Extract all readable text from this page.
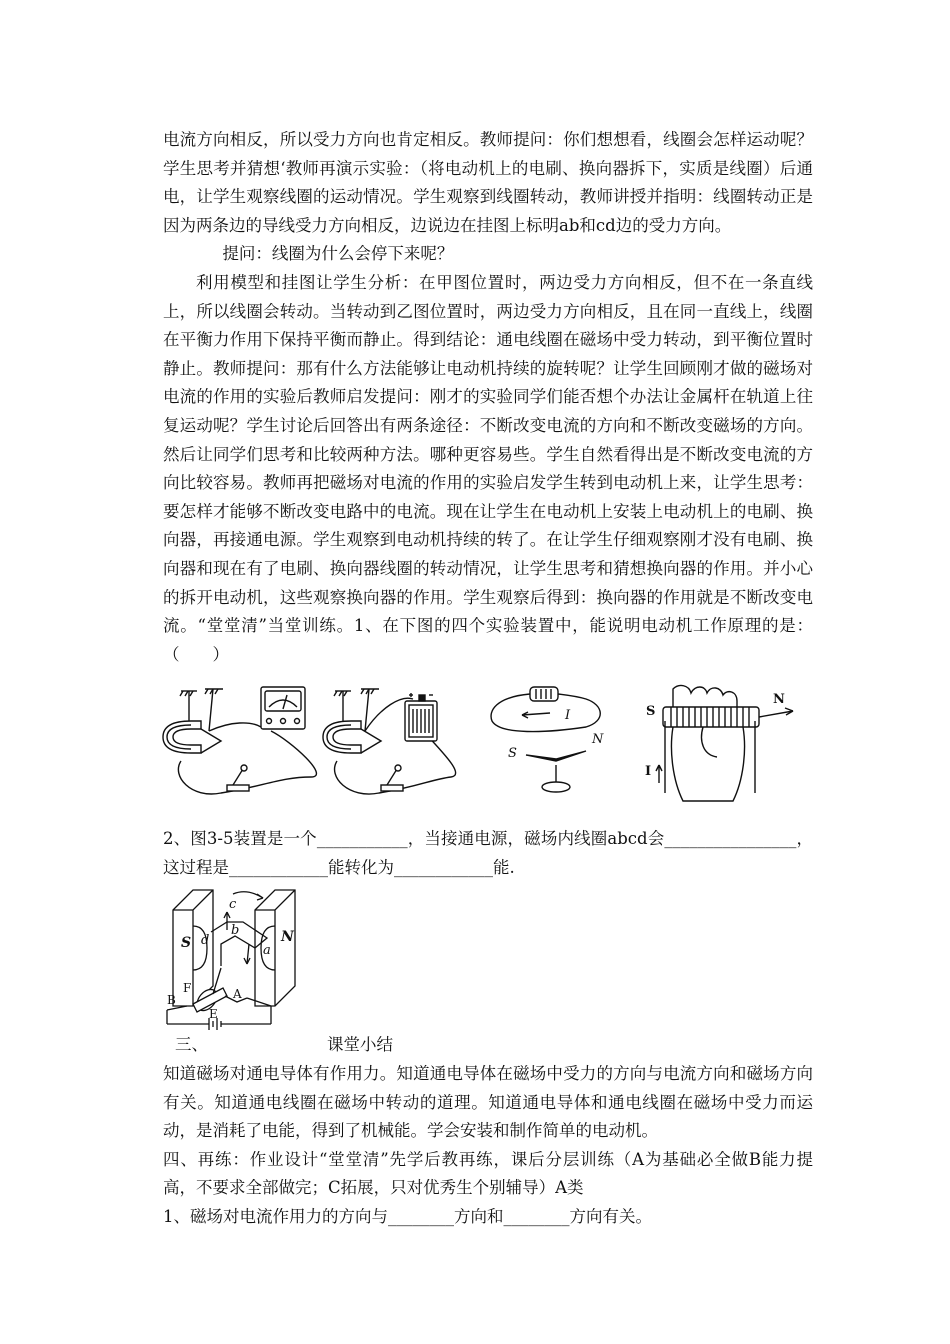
电流方向相反，所以受力方向也肯定相反。教师提问：你们想想看，线圈会怎样运动呢？学生思考并猜想‘教师再演示实验：（将电动机上的电刷、换向器拆下，实质是线圈）后通电，让学生观察线圈的运动情况。学生观察到线圈转动，教师讲授并指明：线圈转动正是因为两条边的导线受力方向相反，边说边在挂图上标明ab和cd边的受力方向。

提问：线圈为什么会停下来呢？

利用模型和挂图让学生分析：在甲图位置时，两边受力方向相反，但不在一条直线上，所以线圈会转动。当转动到乙图位置时，两边受力方向相反，且在同一直线上，线圈在平衡力作用下保持平衡而静止。得到结论：通电线圈在磁场中受力转动，到平衡位置时静止。教师提问：那有什么方法能够让电动机持续的旋转呢？让学生回顾刚才做的磁场对电流的作用的实验后教师启发提问：刚才的实验同学们能否想个办法让金属杆在轨道上往复运动呢？学生讨论后回答出有两条途径：不断改变电流的方向和不断改变磁场的方向。然后让同学们思考和比较两种方法。哪种更容易些。学生自然看得出是不断改变电流的方向比较容易。教师再把磁场对电流的作用的实验启发学生转到电动机上来，让学生思考：要怎样才能够不断改变电路中的电流。现在让学生在电动机上安装上电动机上的电刷、换向器，再接通电源。学生观察到电动机持续的转了。在让学生仔细观察刚才没有电刷、换向器和现在有了电刷、换向器线圈的转动情况，让学生思考和猜想换向器的作用。并小心的拆开电动机，这些观察换向器的作用。学生观察后得到：换向器的作用就是不断改变电流。“堂堂清”当堂训练。1、在下图的四个实验装置中，能说明电动机工作原理的是：（　　）

I
S
N
S
N
I

2、图3-5装置是一个___________，当接通电源，磁场内线圈abcd会________________，这过程是____________能转化为____________能.

S	N
a
b
c
d
F	A
B
E

三、	课堂小结

知道磁场对通电导体有作用力。知道通电导体在磁场中受力的方向与电流方向和磁场方向有关。知道通电线圈在磁场中转动的道理。知道通电导体和通电线圈在磁场中受力而运动，是消耗了电能，得到了机械能。学会安装和制作简单的电动机。

四、再练：作业设计“堂堂清”先学后教再练，课后分层训练（A为基础必全做B能力提高，不要求全部做完；C拓展，只对优秀生个别辅导）A类

1、磁场对电流作用力的方向与________方向和________方向有关。
